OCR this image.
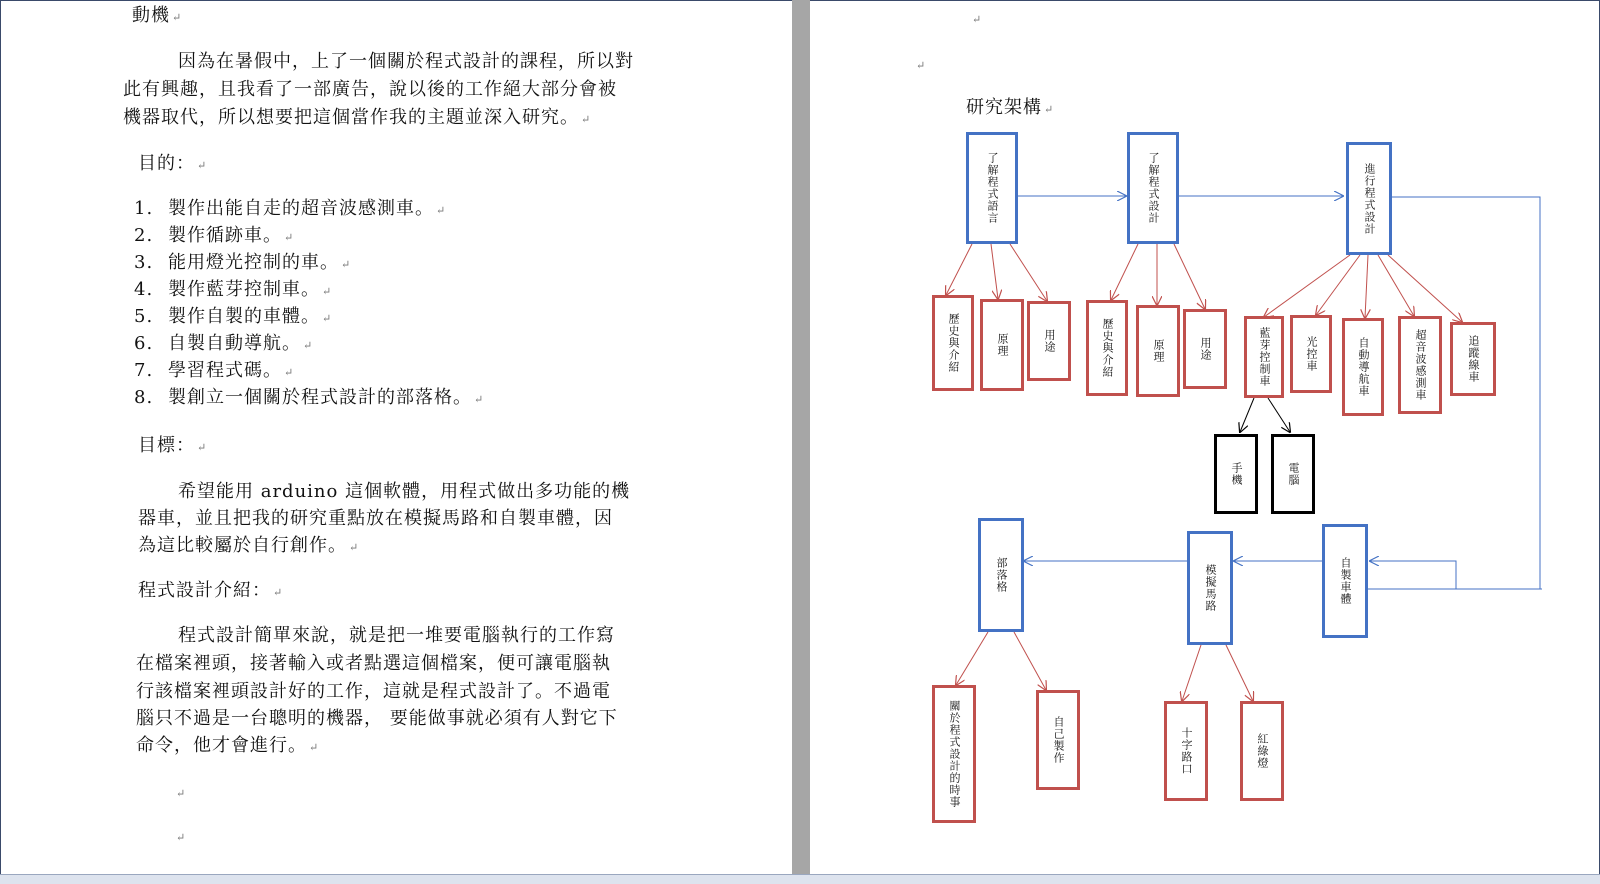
動機 ↵
因為在暑假中，上了一個關於程式設計的課程，所以對
此有興趣，且我看了一部廣告，說以後的工作絕大部分會被
機器取代，所以想要把這個當作我的主題並深入研究。 ↵
目的： ↵
1. 製作出能自走的超音波感測車。 ↵
2. 製作循跡車。 ↵
3. 能用燈光控制的車。 ↵
4. 製作藍芽控制車。 ↵
5. 製作自製的車體。 ↵
6. 自製自動導航。 ↵
7. 學習程式碼。 ↵
8. 製創立一個關於程式設計的部落格。 ↵
目標： ↵
希望能用 arduino 這個軟體，用程式做出多功能的機
器車，並且把我的研究重點放在模擬馬路和自製車體，因
為這比較屬於自行創作。 ↵
程式設計介紹： ↵
程式設計簡單來說，就是把一堆要電腦執行的工作寫
在檔案裡頭，接著輸入或者點選這個檔案，便可讓電腦執
行該檔案裡頭設計好的工作，這就是程式設計了。不過電
腦只不過是一台聰明的機器， 要能做事就必須有人對它下
命令，他才會進行。 ↵
↵
↵
↵
↵
研究架構 ↵
了解程式語言	了解程式設計	進行程式設計
部落格	模擬馬路	自製車體
歷史與介紹	原理	用途	歷史與介紹	原理	用途	藍芽控制車	光控車	自動導航車	超音波感測車	追蹤線車
手機	電腦
關於程式設計的時事	自己製作	十字路口	紅綠燈
